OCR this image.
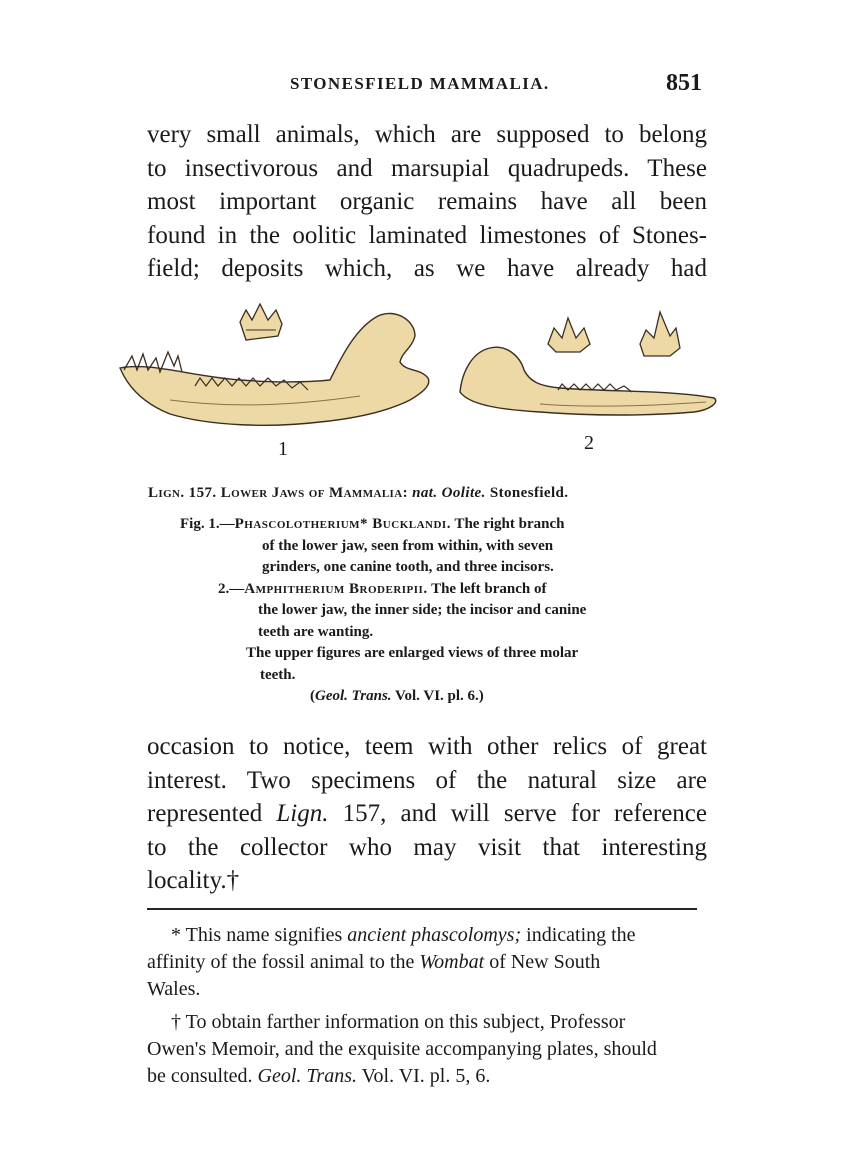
STONESFIELD MAMMALIA.	851
very small animals, which are supposed to belong
to insectivorous and marsupial quadrupeds. These
most important organic remains have all been
found in the oolitic laminated limestones of Stones-
field; deposits which, as we have already had
1	2
Lign. 157. Lower Jaws of Mammalia: nat. Oolite. Stonesfield.
Fig. 1.—Phascolotherium* Bucklandi. The right branch
of the lower jaw, seen from within, with seven
grinders, one canine tooth, and three incisors.
2.—Amphitherium Broderipii. The left branch of
the lower jaw, the inner side; the incisor and canine
teeth are wanting.
The upper figures are enlarged views of three molar
teeth.
(Geol. Trans. Vol. VI. pl. 6.)
occasion to notice, teem with other relics of great
interest. Two specimens of the natural size are
represented Lign. 157, and will serve for reference
to the collector who may visit that interesting
locality.†
* This name signifies ancient phascolomys; indicating the
affinity of the fossil animal to the Wombat of New South
Wales.
† To obtain farther information on this subject, Professor
Owen's Memoir, and the exquisite accompanying plates, should
be consulted. Geol. Trans. Vol. VI. pl. 5, 6.
